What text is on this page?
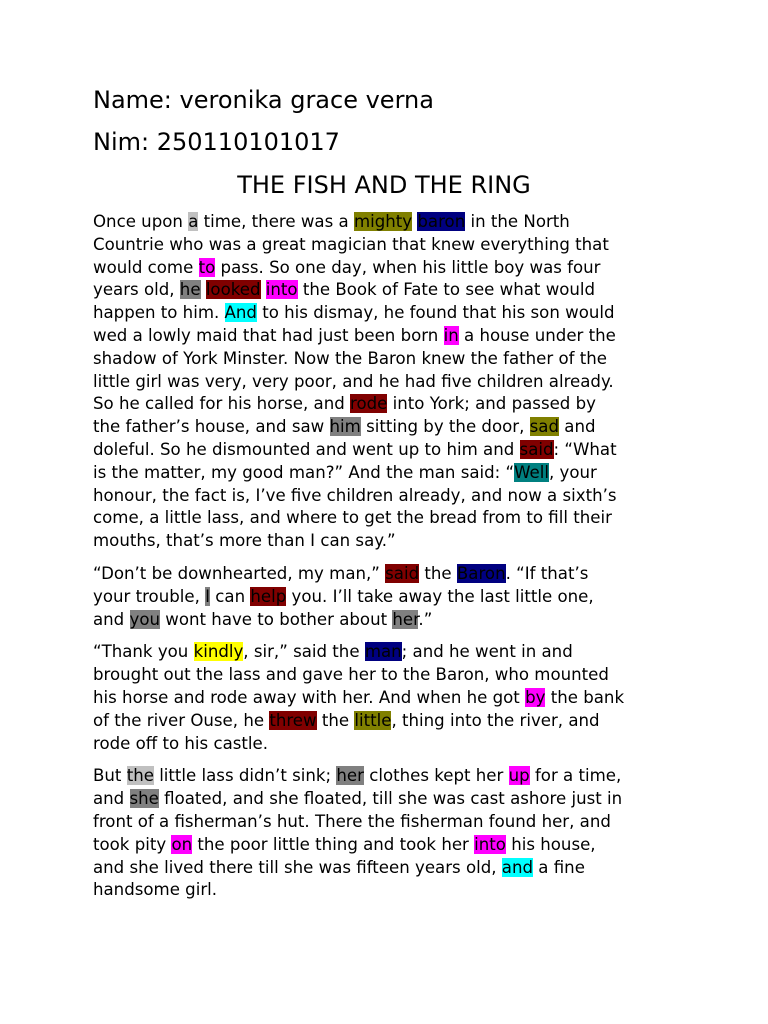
Name: veronika grace verna

Nim: 250110101017

THE FISH AND THE RING

Once upon a time, there was a mighty baron in the North
Countrie who was a great magician that knew everything that
would come to pass. So one day, when his little boy was four
years old, he looked into the Book of Fate to see what would
happen to him. And to his dismay, he found that his son would
wed a lowly maid that had just been born in a house under the
shadow of York Minster. Now the Baron knew the father of the
little girl was very, very poor, and he had five children already.
So he called for his horse, and rode into York; and passed by
the father’s house, and saw him sitting by the door, sad and
doleful. So he dismounted and went up to him and said: “What
is the matter, my good man?” And the man said: “Well, your
honour, the fact is, I’ve five children already, and now a sixth’s
come, a little lass, and where to get the bread from to fill their
mouths, that’s more than I can say.”

“Don’t be downhearted, my man,” said the Baron. “If that’s
your trouble, I can help you. I’ll take away the last little one,
and you wont have to bother about her.”

“Thank you kindly, sir,” said the man; and he went in and
brought out the lass and gave her to the Baron, who mounted
his horse and rode away with her. And when he got by the bank
of the river Ouse, he threw the little, thing into the river, and
rode off to his castle.

But the little lass didn’t sink; her clothes kept her up for a time,
and she floated, and she floated, till she was cast ashore just in
front of a fisherman’s hut. There the fisherman found her, and
took pity on the poor little thing and took her into his house,
and she lived there till she was fifteen years old, and a fine
handsome girl.
